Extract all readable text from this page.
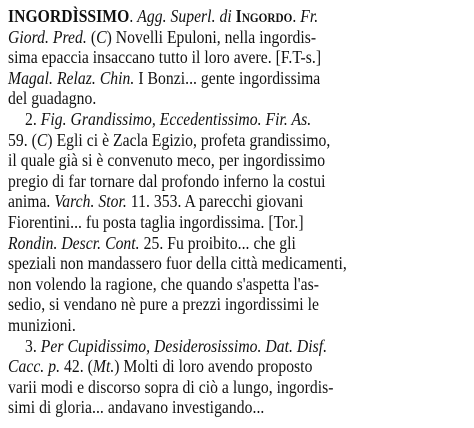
INGORDÌSSIMO. Agg. Superl. di Ingordo. Fr.
Giord. Pred. (C) Novelli Epuloni, nella ingordis-
sima epaccia insaccano tutto il loro avere. [F.T-s.]
Magal. Relaz. Chin. I Bonzi... gente ingordissima
del guadagno.
2. Fig. Grandissimo, Eccedentissimo. Fir. As.
59. (C) Egli ci è Zacla Egizio, profeta grandissimo,
il quale già si è convenuto meco, per ingordissimo
pregio di far tornare dal profondo inferno la costui
anima. Varch. Stor. 11. 353. A parecchi giovani
Fiorentini... fu posta taglia ingordissima. [Tor.]
Rondin. Descr. Cont. 25. Fu proibito... che gli
speziali non mandassero fuor della città medicamenti,
non volendo la ragione, che quando s'aspetta l'as-
sedio, si vendano nè pure a prezzi ingordissimi le
munizioni.
3. Per Cupidissimo, Desiderosissimo. Dat. Disf.
Cacc. p. 42. (Mt.) Molti di loro avendo proposto
varii modi e discorso sopra di ciò a lungo, ingordis-
simi di gloria... andavano investigando...
